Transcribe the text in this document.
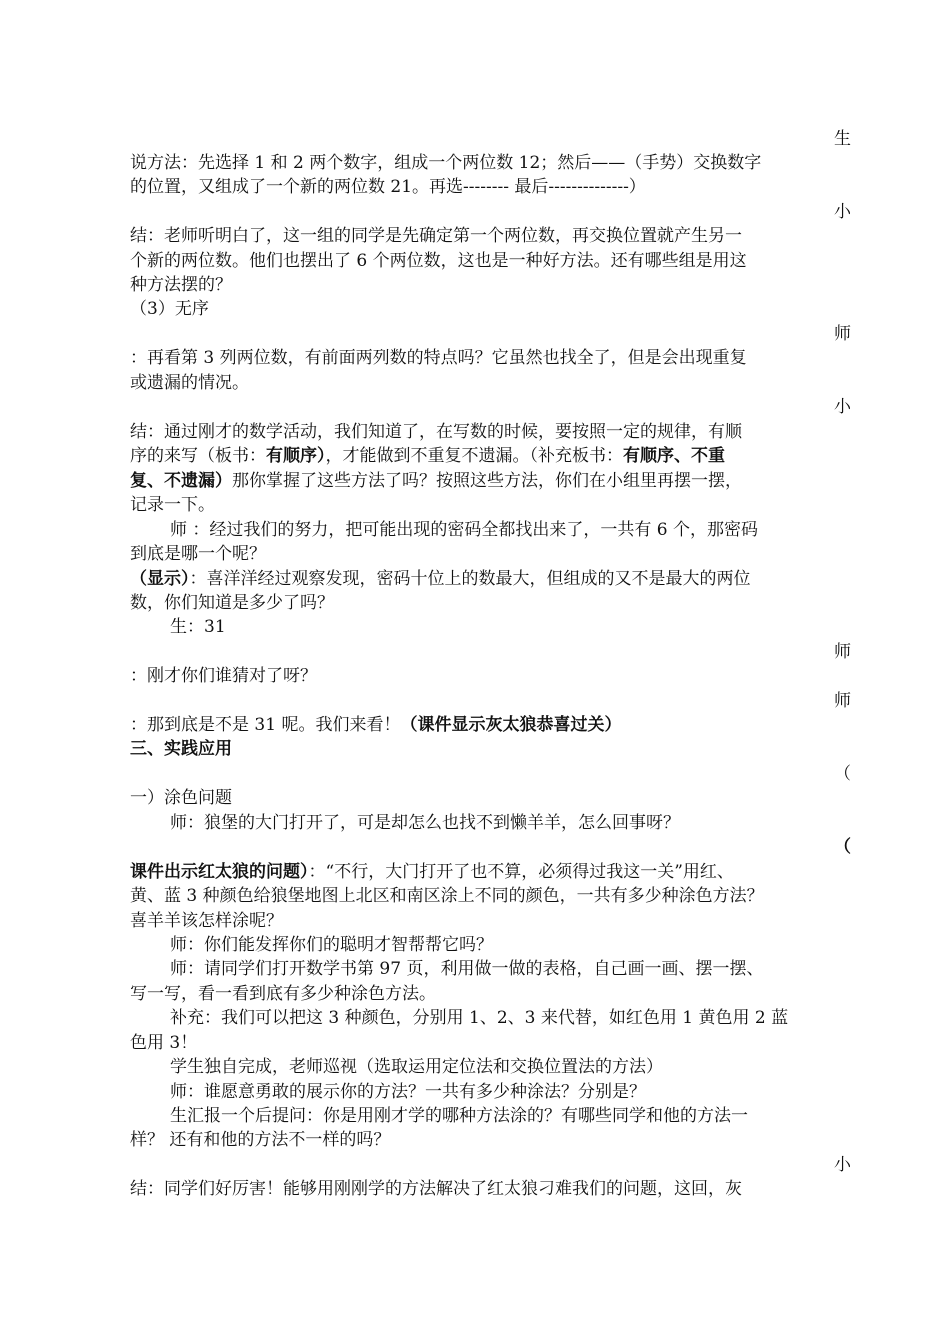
生
说方法：先选择 1 和 2 两个数字，组成一个两位数 12；然后——（手势）交换数字
的位置，又组成了一个新的两位数 21。再选-------- 最后--------------）
小
结：老师听明白了，这一组的同学是先确定第一个两位数，再交换位置就产生另一
个新的两位数。他们也摆出了 6 个两位数，这也是一种好方法。还有哪些组是用这
种方法摆的？
（3）无序
师
：再看第 3 列两位数，有前面两列数的特点吗？它虽然也找全了，但是会出现重复
或遗漏的情况。
小
结：通过刚才的数学活动，我们知道了，在写数的时候，要按照一定的规律，有顺
序的来写（板书：有顺序），才能做到不重复不遗漏。（补充板书：有顺序、不重
复、不遗漏）那你掌握了这些方法了吗？按照这些方法，你们在小组里再摆一摆，
记录一下。
师 ：经过我们的努力，把可能出现的密码全都找出来了，一共有 6 个，那密码
到底是哪一个呢？
（显示）：喜洋洋经过观察发现，密码十位上的数最大，但组成的又不是最大的两位
数，你们知道是多少了吗？
生：31
师
：刚才你们谁猜对了呀？
师
：那到底是不是 31 呢。我们来看！（课件显示灰太狼恭喜过关）
三、实践应用
（
一）涂色问题
师：狼堡的大门打开了，可是却怎么也找不到懒羊羊，怎么回事呀？
（
课件出示红太狼的问题）：“不行，大门打开了也不算，必须得过我这一关”用红、
黄、蓝 3 种颜色给狼堡地图上北区和南区涂上不同的颜色，一共有多少种涂色方法？
喜羊羊该怎样涂呢？
师：你们能发挥你们的聪明才智帮帮它吗？
师：请同学们打开数学书第 97 页，利用做一做的表格，自己画一画、摆一摆、
写一写，看一看到底有多少种涂色方法。
补充：我们可以把这 3 种颜色，分别用 1、2、3 来代替，如红色用 1 黄色用 2 蓝
色用 3！
学生独自完成，老师巡视（选取运用定位法和交换位置法的方法）
师：谁愿意勇敢的展示你的方法？一共有多少种涂法？分别是？
生汇报一个后提问：你是用刚才学的哪种方法涂的？有哪些同学和他的方法一
样？ 还有和他的方法不一样的吗？
小
结：同学们好厉害！能够用刚刚学的方法解决了红太狼刁难我们的问题，这回，灰
